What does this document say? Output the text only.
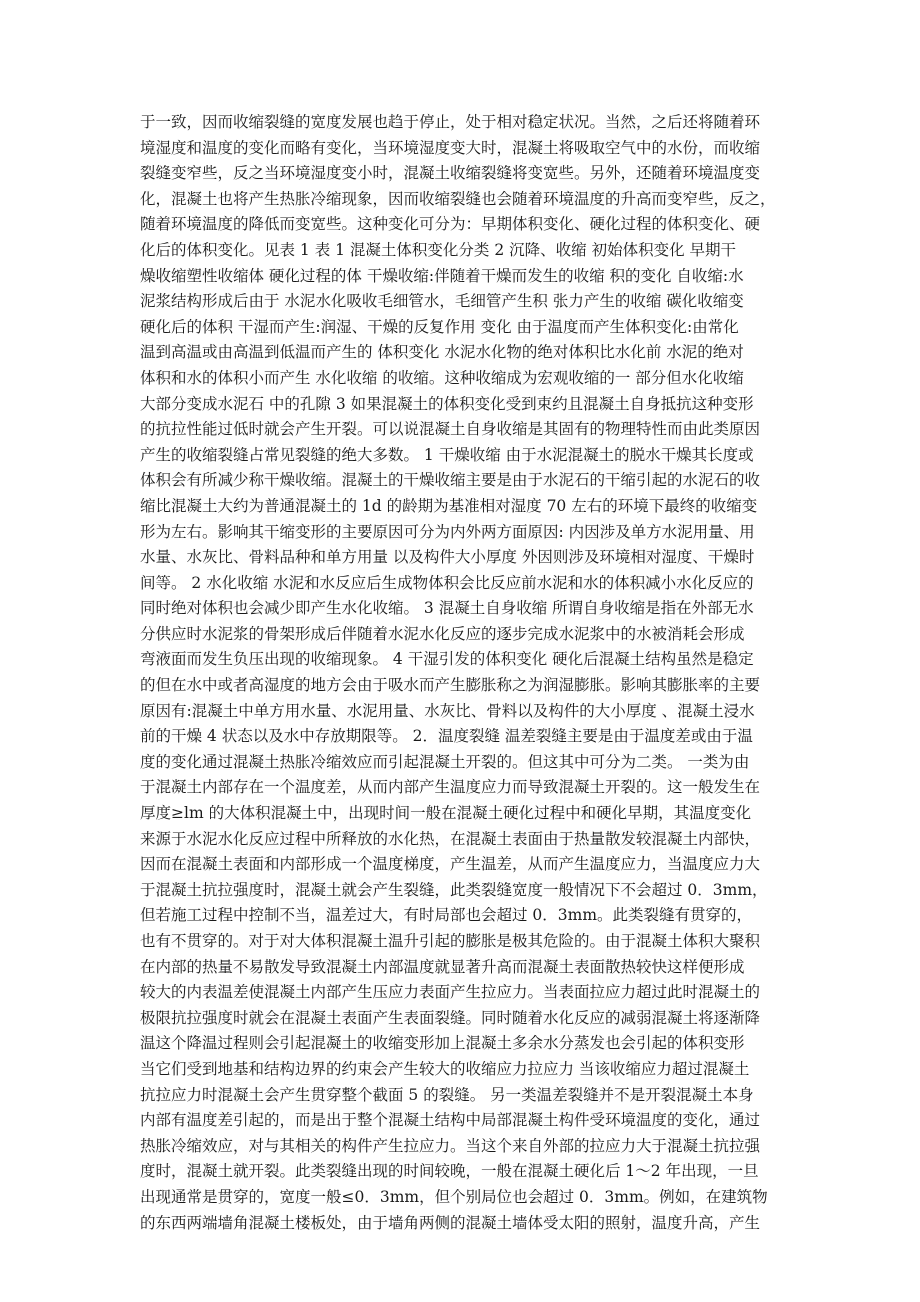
于一致，因而收缩裂缝的宽度发展也趋于停止，处于相对稳定状况。当然，之后还将随着环
境湿度和温度的变化而略有变化，当环境湿度变大时，混凝土将吸取空气中的水份，而收缩
裂缝变窄些，反之当环境湿度变小时，混凝土收缩裂缝将变宽些。另外，还随着环境温度变
化，混凝土也将产生热胀冷缩现象，因而收缩裂缝也会随着环境温度的升高而变窄些，反之，
随着环境温度的降低而变宽些。这种变化可分为：早期体积变化、硬化过程的体积变化、硬
化后的体积变化。见表 1 表 1 混凝土体积变化分类 2 沉降、收缩 初始体积变化 早期干
燥收缩塑性收缩体 硬化过程的体 干燥收缩:伴随着干燥而发生的收缩 积的变化 自收缩:水
泥浆结构形成后由于 水泥水化吸收毛细管水，毛细管产生积 张力产生的收缩 碳化收缩变
硬化后的体积 干湿而产生:润湿、干燥的反复作用 变化 由于温度而产生体积变化:由常化
温到高温或由高温到低温而产生的 体积变化 水泥水化物的绝对体积比水化前 水泥的绝对
体积和水的体积小而产生 水化收缩 的收缩。这种收缩成为宏观收缩的一 部分但水化收缩
大部分变成水泥石 中的孔隙 3 如果混凝土的体积变化受到束约且混凝土自身抵抗这种变形
的抗拉性能过低时就会产生开裂。可以说混凝土自身收缩是其固有的物理特性而由此类原因
产生的收缩裂缝占常见裂缝的绝大多数。 1 干燥收缩 由于水泥混凝土的脱水干燥其长度或
体积会有所减少称干燥收缩。混凝土的干燥收缩主要是由于水泥石的干缩引起的水泥石的收
缩比混凝土大约为普通混凝土的 1d 的龄期为基准相对湿度 70 左右的环境下最终的收缩变
形为左右。影响其干缩变形的主要原因可分为内外两方面原因: 内因涉及单方水泥用量、用
水量、水灰比、骨料品种和单方用量 以及构件大小厚度 外因则涉及环境相对湿度、干燥时
间等。 2 水化收缩 水泥和水反应后生成物体积会比反应前水泥和水的体积减小水化反应的
同时绝对体积也会减少即产生水化收缩。 3 混凝土自身收缩 所谓自身收缩是指在外部无水
分供应时水泥浆的骨架形成后伴随着水泥水化反应的逐步完成水泥浆中的水被消耗会形成
弯液面而发生负压出现的收缩现象。 4 干湿引发的体积变化 硬化后混凝土结构虽然是稳定
的但在水中或者高湿度的地方会由于吸水而产生膨胀称之为润湿膨胀。影响其膨胀率的主要
原因有:混凝土中单方用水量、水泥用量、水灰比、骨料以及构件的大小厚度 、混凝土浸水
前的干燥 4 状态以及水中存放期限等。 2．温度裂缝 温差裂缝主要是由于温度差或由于温
度的变化通过混凝土热胀冷缩效应而引起混凝土开裂的。但这其中可分为二类。 一类为由
于混凝土内部存在一个温度差，从而内部产生温度应力而导致混凝土开裂的。这一般发生在
厚度≥lm 的大体积混凝土中，出现时间一般在混凝土硬化过程中和硬化早期，其温度变化
来源于水泥水化反应过程中所释放的水化热，在混凝土表面由于热量散发较混凝土内部快，
因而在混凝土表面和内部形成一个温度梯度，产生温差，从而产生温度应力，当温度应力大
于混凝土抗拉强度时，混凝土就会产生裂缝，此类裂缝宽度一般情况下不会超过 0．3mm，
但若施工过程中控制不当，温差过大，有时局部也会超过 0．3mm。此类裂缝有贯穿的，
也有不贯穿的。对于对大体积混凝土温升引起的膨胀是极其危险的。由于混凝土体积大聚积
在内部的热量不易散发导致混凝土内部温度就显著升高而混凝土表面散热较快这样便形成
较大的内表温差使混凝土内部产生压应力表面产生拉应力。当表面拉应力超过此时混凝土的
极限抗拉强度时就会在混凝土表面产生表面裂缝。同时随着水化反应的减弱混凝土将逐渐降
温这个降温过程则会引起混凝土的收缩变形加上混凝土多余水分蒸发也会引起的体积变形
当它们受到地基和结构边界的约束会产生较大的收缩应力拉应力 当该收缩应力超过混凝土
抗拉应力时混凝土会产生贯穿整个截面 5 的裂缝。 另一类温差裂缝并不是开裂混凝土本身
内部有温度差引起的，而是出于整个混凝土结构中局部混凝土构件受环境温度的变化，通过
热胀冷缩效应，对与其相关的构件产生拉应力。当这个来自外部的拉应力大于混凝土抗拉强
度时，混凝土就开裂。此类裂缝出现的时间较晚，一般在混凝土硬化后 1～2 年出现，一旦
出现通常是贯穿的，宽度一般≤0．3mm，但个别局位也会超过 0．3mm。例如，在建筑物
的东西两端墙角混凝土楼板处，由于墙角两侧的混凝土墙体受太阳的照射，温度升高，产生
